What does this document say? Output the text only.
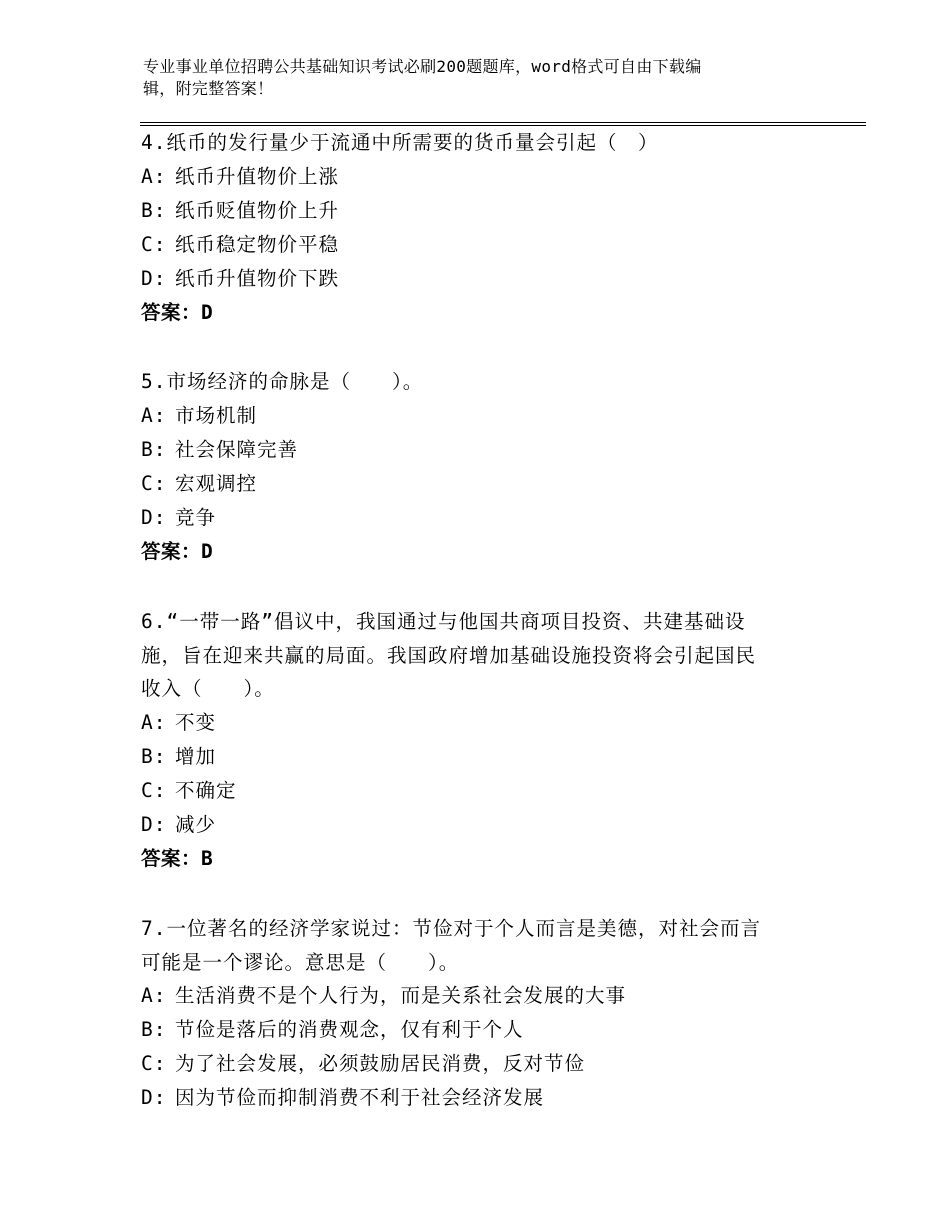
专业事业单位招聘公共基础知识考试必刷200题题库，word格式可自由下载编
辑，附完整答案！

4.纸币的发行量少于流通中所需要的货币量会引起（　）

A: 纸币升值物价上涨
B: 纸币贬值物价上升
C: 纸币稳定物价平稳
D: 纸币升值物价下跌
答案：D

5.市场经济的命脉是（　　）。

A: 市场机制
B: 社会保障完善
C: 宏观调控
D: 竞争
答案：D

6.“一带一路”倡议中，我国通过与他国共商项目投资、共建基础设
施，旨在迎来共赢的局面。我国政府增加基础设施投资将会引起国民
收入（　　）。

A: 不变
B: 增加
C: 不确定
D: 减少
答案：B

7.一位著名的经济学家说过：节俭对于个人而言是美德，对社会而言
可能是一个谬论。意思是（　　）。

A: 生活消费不是个人行为，而是关系社会发展的大事
B: 节俭是落后的消费观念，仅有利于个人
C: 为了社会发展，必须鼓励居民消费，反对节俭
D: 因为节俭而抑制消费不利于社会经济发展
